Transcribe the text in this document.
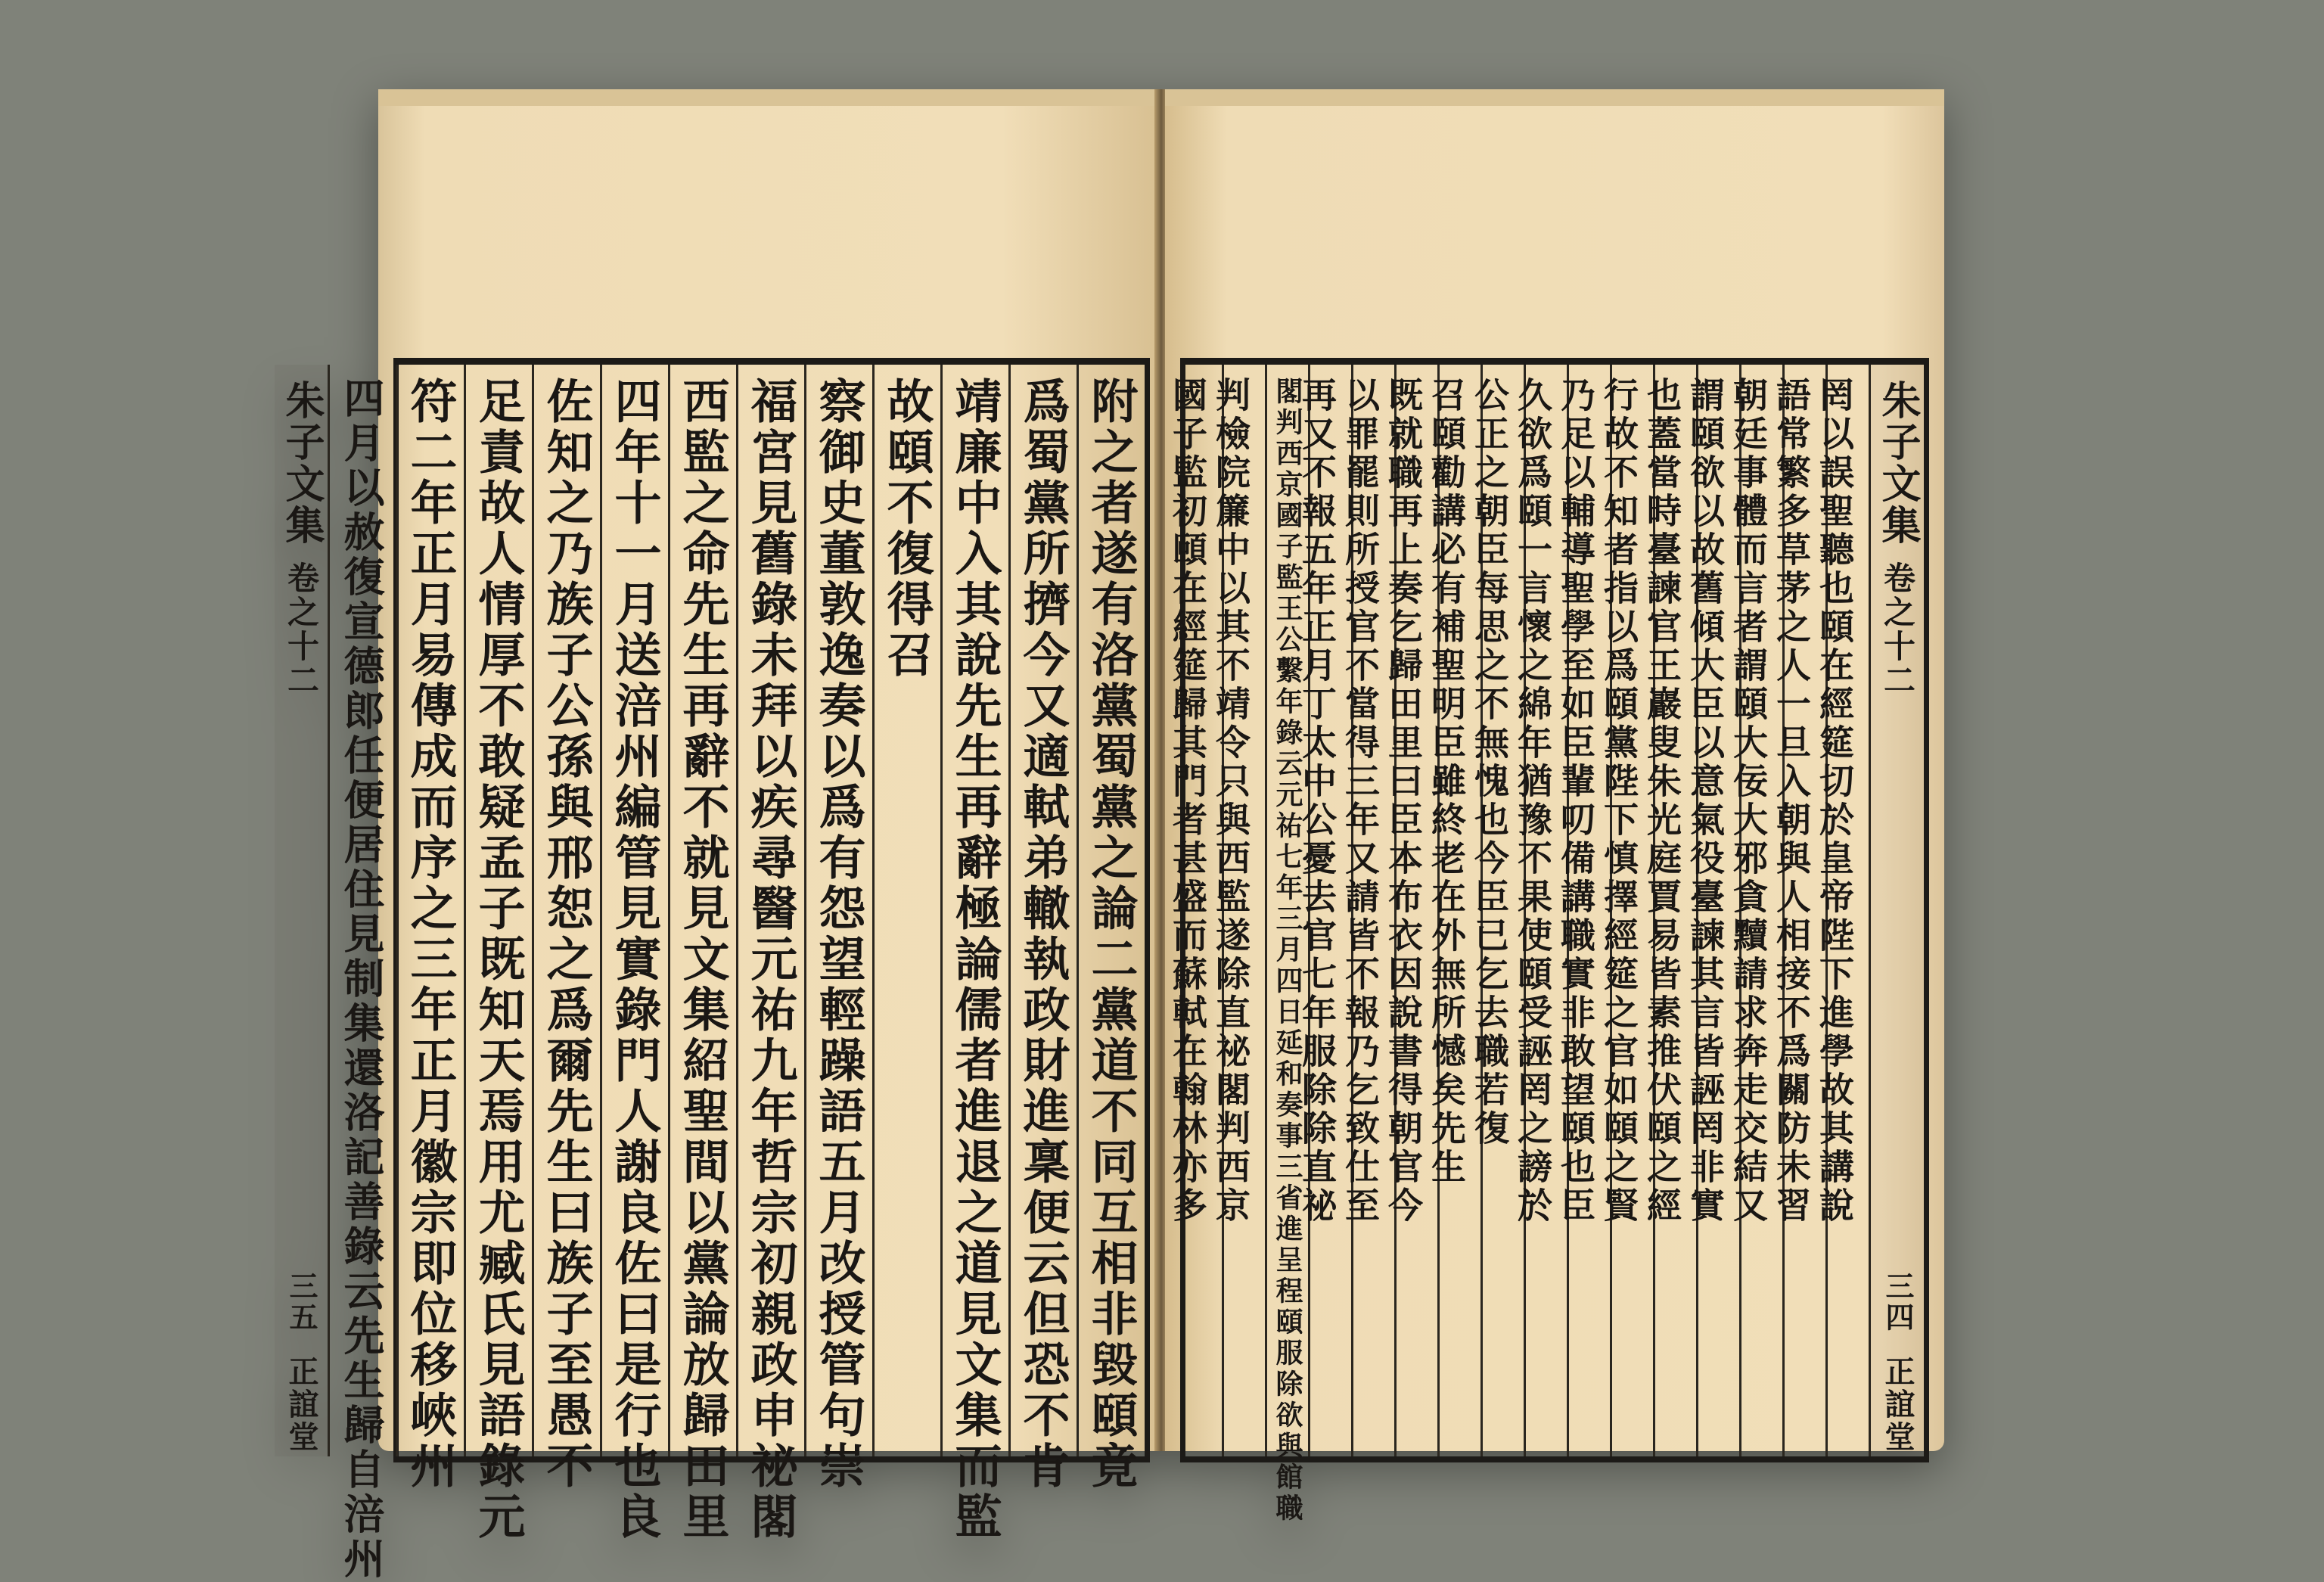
附之者遂有洛黨蜀黨之論二黨道不同互相非毀頤竟
爲蜀黨所擠今又適軾弟轍執政財進稟便云但恐不肯
靖廉中入其說先生再辭極論儒者進退之道見文集而監
故頤不復得召
察御史董敦逸奏以爲有怨望輕躁語五月改授管句崇
福宮見舊錄未拜以疾尋醫元祐九年哲宗初親政申祕閣
西監之命先生再辭不就見文集紹聖間以黨論放歸田里
四年十一月送涪州編管見實錄門人謝良佐曰是行也良
佐知之乃族子公孫與邢恕之爲爾先生曰族子至愚不
足責故人情厚不敢疑孟子既知天焉用尤臧氏見語錄元
符二年正月易傳成而序之三年正月徽宗即位移峽州
四月以赦復宣德郎任便居住見制集還洛記善錄云先生歸自涪州
朱子文集
卷之十二
三五
正誼堂
朱子文集
卷之十二
三四
正誼堂
罔以誤聖聽也頤在經筵切於皇帝陛下進學故其講說
語常繁多草茅之人一旦入朝與人相接不爲關防未習
朝廷事體而言者謂頤大佞大邪貪黷請求奔走交結又
謂頤欲以故舊傾大臣以意氣役臺諫其言皆誣罔非實
也蓋當時臺諫官王巖叟朱光庭賈易皆素推伏頤之經
行故不知者指以爲頤黨陛下慎擇經筵之官如頤之賢
乃足以輔導聖學至如臣輩叨備講職實非敢望頤也臣
久欲爲頤一言懷之綿年猶豫不果使頤受誣罔之謗於
公正之朝臣每思之不無愧也今臣已乞去職若復
召頤勸講必有補聖明臣雖終老在外無所憾矣先生
既就職再上奏乞歸田里曰臣本布衣因說書得朝官今
以罪罷則所授官不當得三年又請皆不報乃乞致仕至
再又不報五年正月丁太中公憂去官七年服除除直祕
閣判西京國子監王公繫年錄云元祐七年三月四日延和奏事三省進呈程頤服除欲與館職
判檢院簾中以其不靖令只與西監遂除直祕閣判西京
國子監初頤在經筵歸其門者甚盛而蘇軾在翰林亦多
